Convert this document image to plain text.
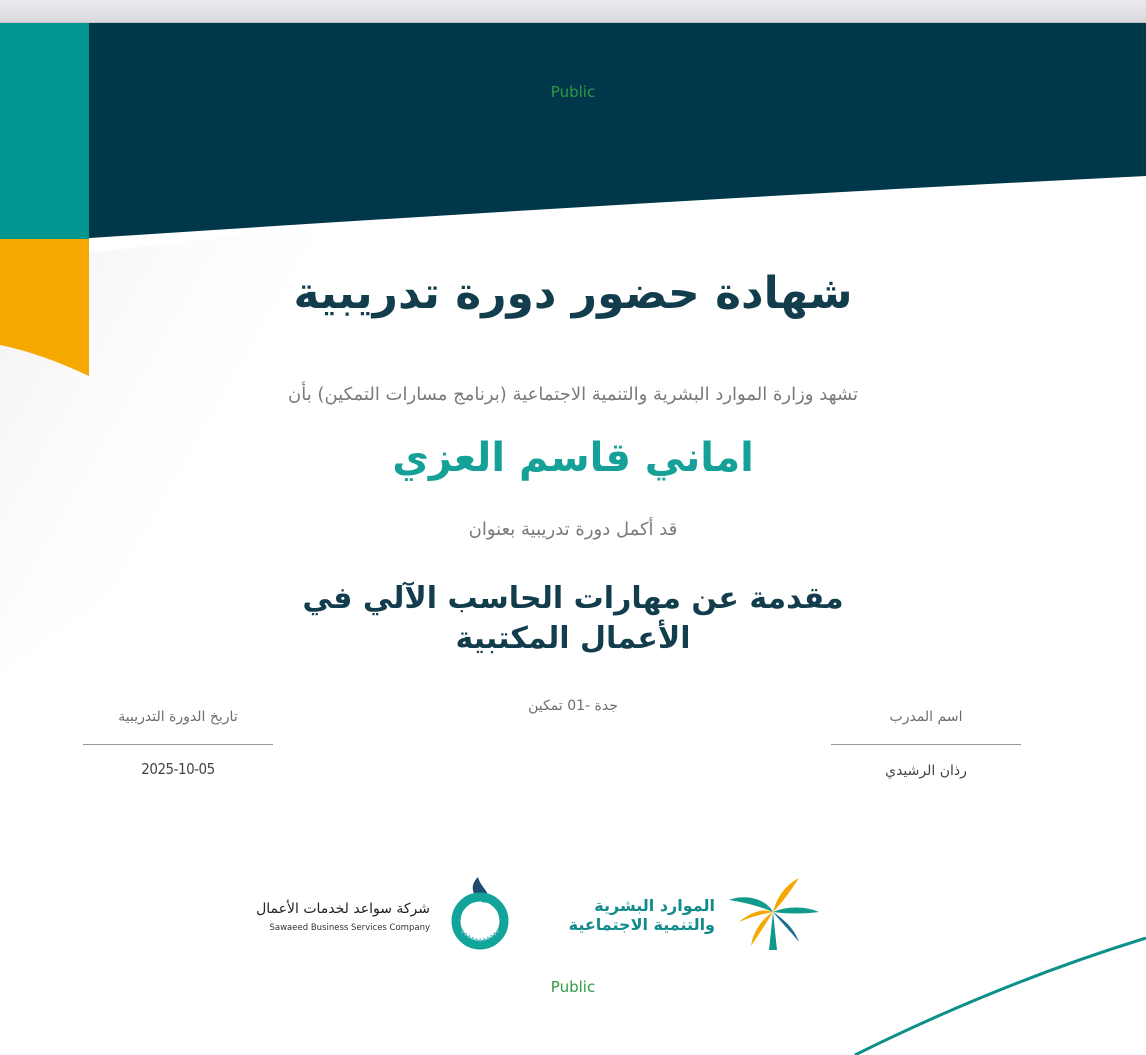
Public
شهادة حضور دورة تدريبية
تشهد وزارة الموارد البشرية والتنمية الاجتماعية (برنامج مسارات التمكين) بأن
اماني قاسم العزي
قد أكمل دورة تدريبية بعنوان
مقدمة عن مهارات الحاسب الآلي في
الأعمال المكتبية
جدة -01 تمكين
تاريخ الدورة التدريبية
2025-10-05
اسم المدرب
رذان الرشيدي
شركة سواعد لخدمات الأعمال
Sawaeed Business Services Company
الموارد البشرية
والتنمية الاجتماعية
Public
